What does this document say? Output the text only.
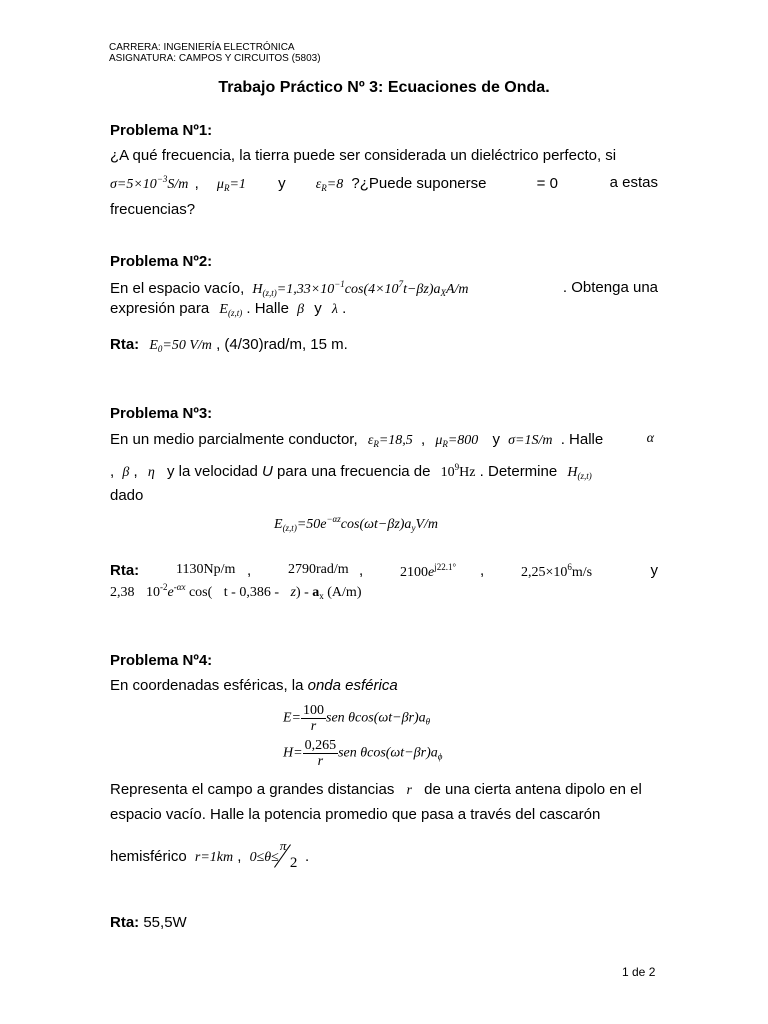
CARRERA: INGENIERÍA ELECTRÓNICA
ASIGNATURA: CAMPOS Y CIRCUITOS (5803)
Trabajo Práctico Nº 3: Ecuaciones de Onda.
Problema Nº1:
¿A qué frecuencia, la tierra puede ser considerada un dieléctrico perfecto, si
$\sigma=5\times 10^{-3}S/m$ , $\mu_R=1$ y $\varepsilon_R=8$ ?¿Puede suponerse	= 0	a estas
frecuencias?
Problema Nº2:
En el espacio vacío, $H_{(z,t)}=1,33\times 10^{-1}\cos(4\times 10^7t-\beta z)a_XA/m$	. Obtenga una
expresión para $E_{(z,t)}$ . Halle β y λ .
Rta: $E_0=50$ V/m , (4/30)rad/m, 15 m.
Problema Nº3:
En un medio parcialmente conductor, $\varepsilon_R=18,5$ , $\mu_R=800$ y σ=1S/m . Halle	α
, β , η y la velocidad U para una frecuencia de $10^9Hz$ . Determine $H_{(z,t)}$
dado
$E_{(z,t)}=50e^{-\alpha z}\cos(\omega t-\beta z)a_yV/m$
Rta:	1130Np/m ,	2790rad/m ,	$2100e^{j22.1^\circ}$ ,	$2,25\times 10^6m/s$	y
2,38 $10^{-2}e^{-\alpha x}$ cos( t - $0,386 - z) - a_x$ (A/m)
Problema Nº4:
En coordenadas esféricas, la onda esférica
$E= \frac{100}{r}$ sen $\theta\cos(\omega t-\beta r)a_\theta$
$H= \frac{0,265}{r}$ sen $\theta\cos(\omega t-\beta r)a_\phi$
Representa el campo a grandes distancias r de una cierta antena dipolo en el
espacio vacío. Halle la potencia promedio que pasa a través del cascarón
hemisférico r=1km , 0≤θ≤
π
2 .
Rta: 55,5W
1 de 2
